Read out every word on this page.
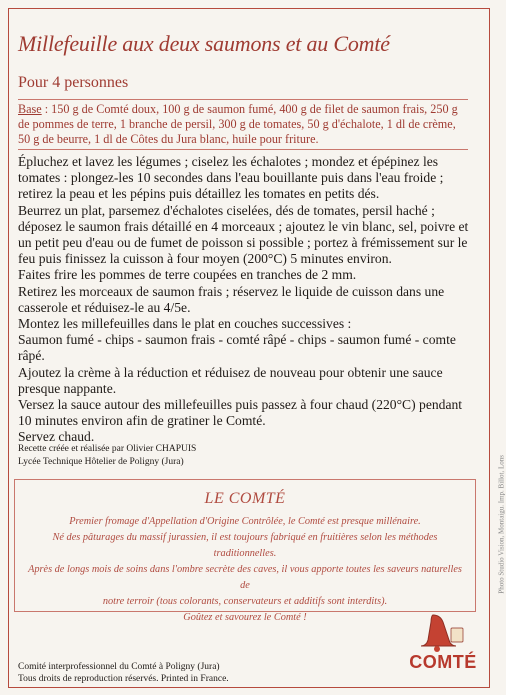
Millefeuille aux deux saumons et au Comté
Pour 4 personnes
Base : 150 g de Comté doux, 100 g de saumon fumé, 400 g de filet de saumon frais, 250 g de pommes de terre, 1 branche de persil, 300 g de tomates, 50 g d'échalote, 1 dl de crème, 50 g de beurre, 1 dl de Côtes du Jura blanc, huile pour friture.

Épluchez et lavez les légumes ; ciselez les échalotes ; mondez et épépinez les tomates : plongez-les 10 secondes dans l'eau bouillante puis dans l'eau froide ; retirez la peau et les pépins puis détaillez les tomates en petits dés.

Beurrez un plat, parsemez d'échalotes ciselées, dés de tomates, persil haché ; déposez le saumon frais détaillé en 4 morceaux ; ajoutez le vin blanc, sel, poivre et un petit peu d'eau ou de fumet de poisson si possible ; portez à frémissement sur le feu puis finissez la cuisson à four moyen (200°C) 5 minutes environ.

Faites frire les pommes de terre coupées en tranches de 2 mm.

Retirez les morceaux de saumon frais ; réservez le liquide de cuisson dans une casserole et réduisez-le au 4/5e.

Montez les millefeuilles dans le plat en couches successives :

Saumon fumé - chips - saumon frais - comté râpé - chips - saumon fumé - comte râpé.

Ajoutez la crème à la réduction et réduisez de nouveau pour obtenir une sauce presque nappante.

Versez la sauce autour des millefeuilles puis passez à four chaud (220°C) pendant 10 minutes environ afin de gratiner le Comté.

Servez chaud.

Recette créée et réalisée par Olivier CHAPUIS
Lycée Technique Hôtelier de Poligny (Jura)
LE COMTÉ
Premier fromage d'Appellation d'Origine Contrôlée, le Comté est presque millénaire.
Né des pâturages du massif jurassien, il est toujours fabriqué en fruitières selon les méthodes traditionnelles.
Après de longs mois de soins dans l'ombre secrète des caves, il vous apporte toutes les saveurs naturelles de
notre terroir (tous colorants, conservateurs et additifs sont interdits).
Goûtez et savourez le Comté !
Photo Studio Vision, Montaigu. Imp. Billot, Lons
Comité interprofessionnel du Comté à Poligny (Jura)
Tous droits de reproduction réservés. Printed in France.
COMTÉ
